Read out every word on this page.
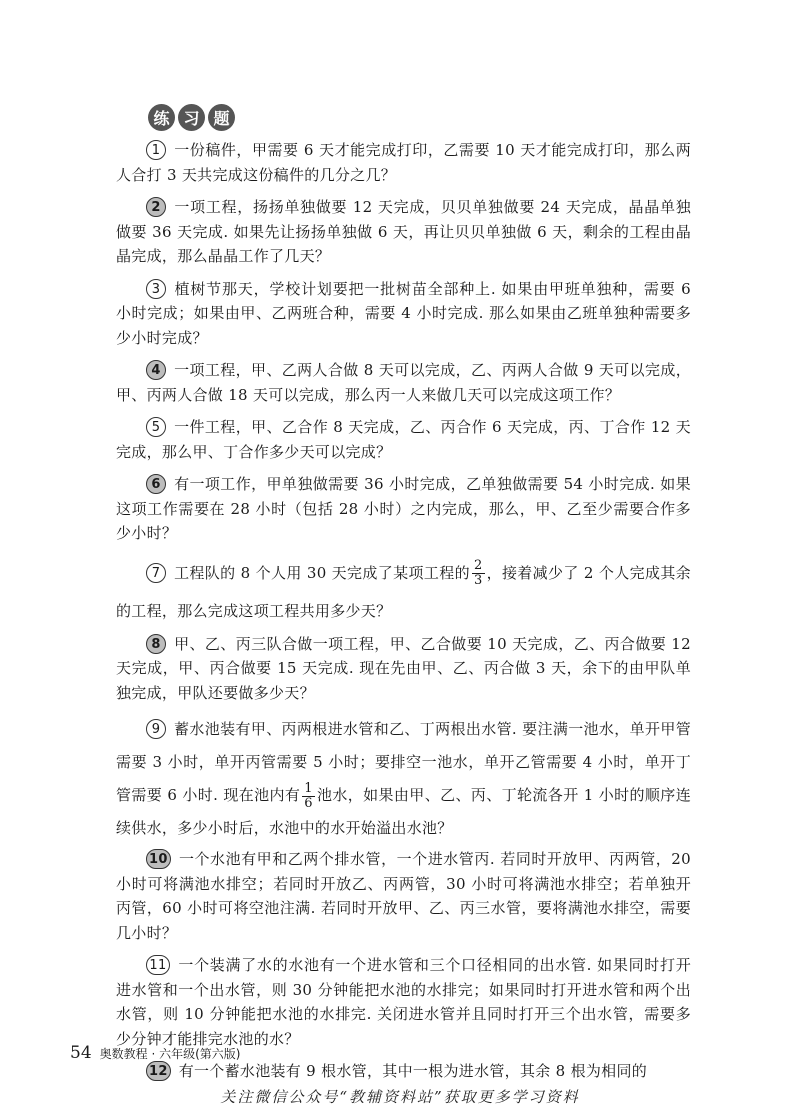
练 习 题

1 一份稿件，甲需要 6 天才能完成打印，乙需要 10 天才能完成打印，那么两人合打 3 天共完成这份稿件的几分之几？

2 一项工程，扬扬单独做要 12 天完成，贝贝单独做要 24 天完成，晶晶单独做要 36 天完成. 如果先让扬扬单独做 6 天，再让贝贝单独做 6 天，剩余的工程由晶晶完成，那么晶晶工作了几天？

3 植树节那天，学校计划要把一批树苗全部种上. 如果由甲班单独种，需要 6 小时完成；如果由甲、乙两班合种，需要 4 小时完成. 那么如果由乙班单独种需要多少小时完成？

4 一项工程，甲、乙两人合做 8 天可以完成，乙、丙两人合做 9 天可以完成，甲、丙两人合做 18 天可以完成，那么丙一人来做几天可以完成这项工作？

5 一件工程，甲、乙合作 8 天完成，乙、丙合作 6 天完成，丙、丁合作 12 天完成，那么甲、丁合作多少天可以完成？

6 有一项工作，甲单独做需要 36 小时完成，乙单独做需要 54 小时完成. 如果这项工作需要在 28 小时（包括 28 小时）之内完成，那么，甲、乙至少需要合作多少小时？

7 工程队的 8 个人用 30 天完成了某项工程的 $\frac{2}{3}$ ，接着减少了 2 个人完成其余的工程，那么完成这项工程共用多少天？

8 甲、乙、丙三队合做一项工程，甲、乙合做要 10 天完成，乙、丙合做要 12 天完成，甲、丙合做要 15 天完成. 现在先由甲、乙、丙合做 3 天，余下的由甲队单独完成，甲队还要做多少天？

9 蓄水池装有甲、丙两根进水管和乙、丁两根出水管. 要注满一池水，单开甲管需要 3 小时，单开丙管需要 5 小时；要排空一池水，单开乙管需要 4 小时，单开丁管需要 6 小时. 现在池内有 $\frac{1}{6}$ 池水，如果由甲、乙、丙、丁轮流各开 1 小时的顺序连续供水，多少小时后，水池中的水开始溢出水池？

10 一个水池有甲和乙两个排水管，一个进水管丙. 若同时开放甲、丙两管，20 小时可将满池水排空；若同时开放乙、丙两管，30 小时可将满池水排空；若单独开丙管，60 小时可将空池注满. 若同时开放甲、乙、丙三水管，要将满池水排空，需要几小时？

11 一个装满了水的水池有一个进水管和三个口径相同的出水管. 如果同时打开进水管和一个出水管，则 30 分钟能把水池的水排完；如果同时打开进水管和两个出水管，则 10 分钟能把水池的水排完. 关闭进水管并且同时打开三个出水管，需要多少分钟才能排完水池的水？

12 有一个蓄水池装有 9 根水管，其中一根为进水管，其余 8 根为相同的

54 奥数教程 · 六年级(第六版)
关注微信公众号“教辅资料站”获取更多学习资料
